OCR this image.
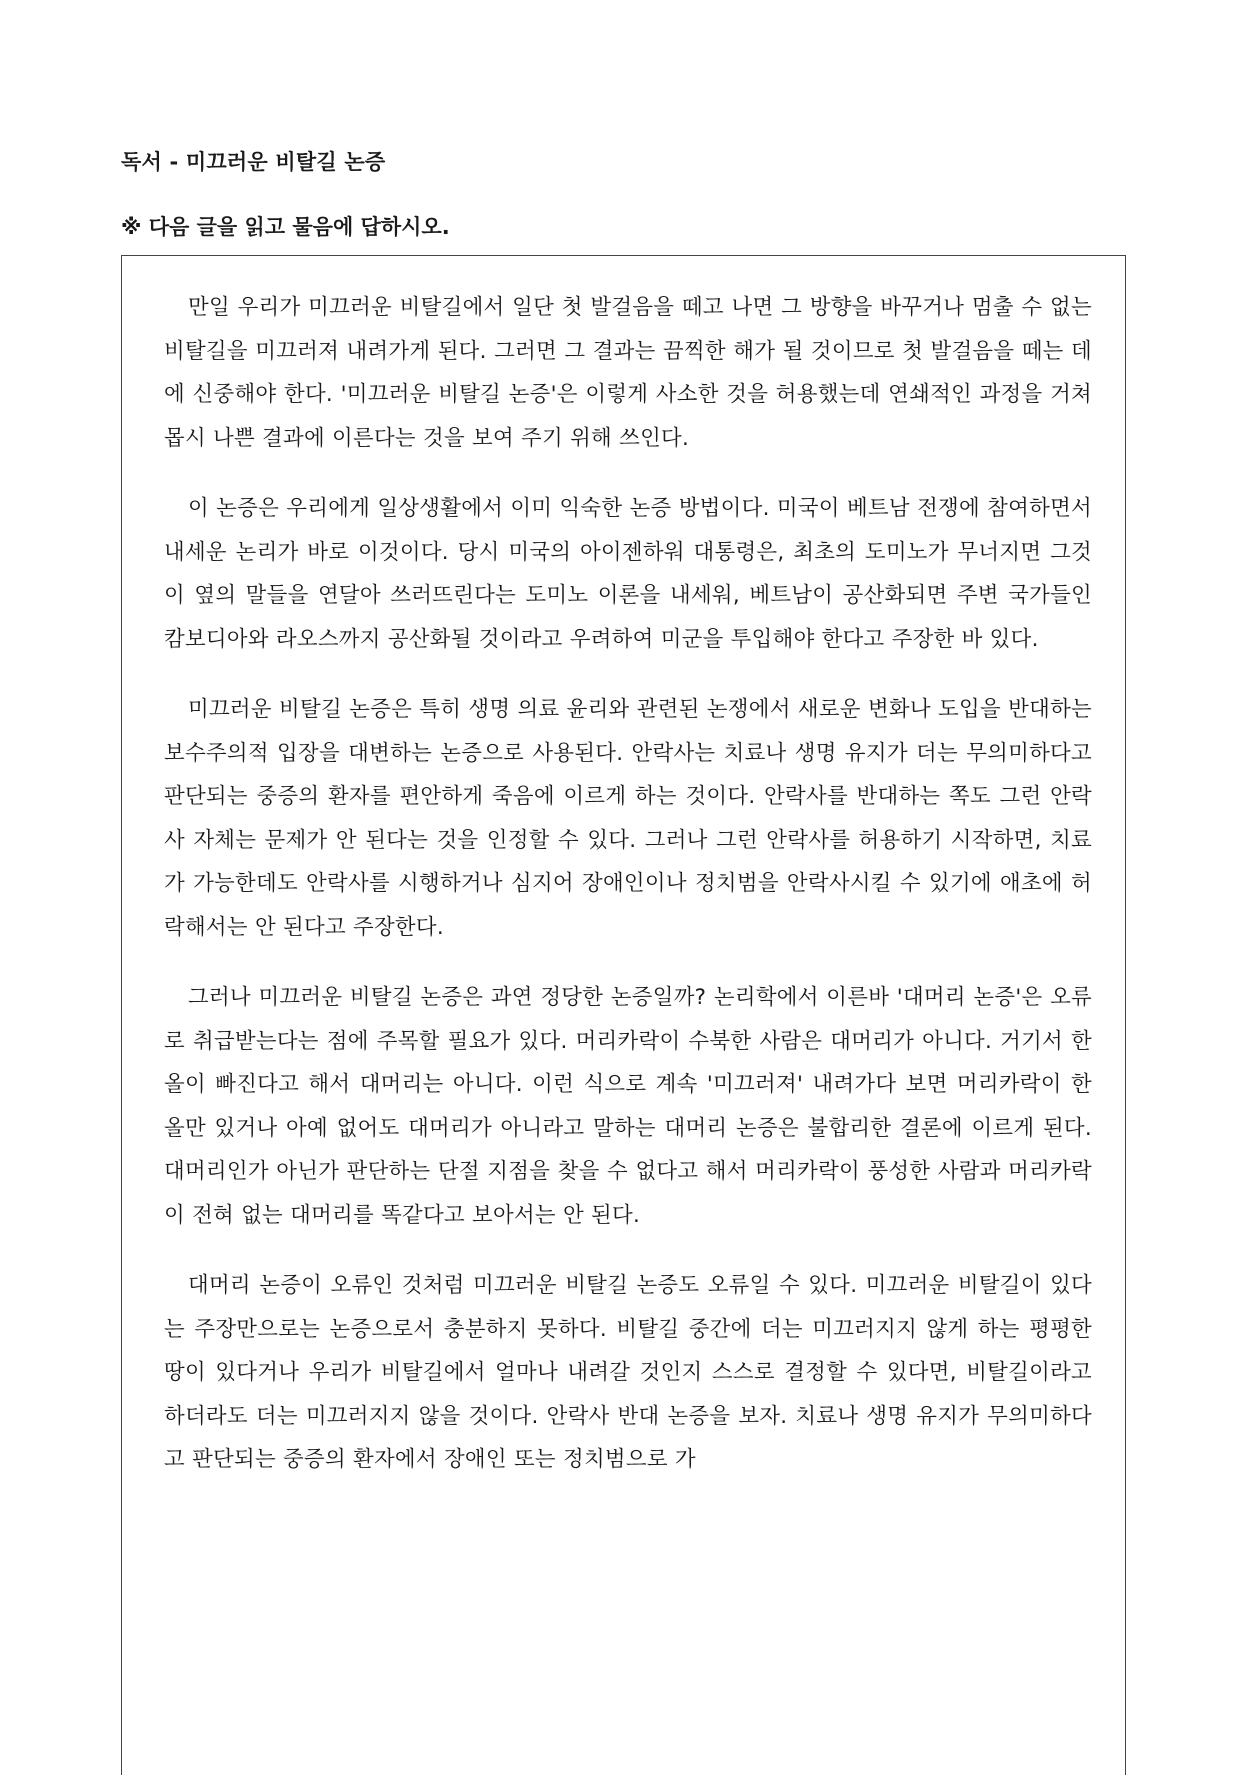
독서 - 미끄러운 비탈길 논증
※ 다음 글을 읽고 물음에 답하시오.

만일 우리가 미끄러운 비탈길에서 일단 첫 발걸음을 떼고 나면 그 방향을 바꾸거나 멈출 수 없는 비탈길을 미끄러져 내려가게 된다. 그러면 그 결과는 끔찍한 해가 될 것이므로 첫 발걸음을 떼는 데에 신중해야 한다. '미끄러운 비탈길 논증'은 이렇게 사소한 것을 허용했는데 연쇄적인 과정을 거쳐 몹시 나쁜 결과에 이른다는 것을 보여 주기 위해 쓰인다.

이 논증은 우리에게 일상생활에서 이미 익숙한 논증 방법이다. 미국이 베트남 전쟁에 참여하면서 내세운 논리가 바로 이것이다. 당시 미국의 아이젠하워 대통령은, 최초의 도미노가 무너지면 그것이 옆의 말들을 연달아 쓰러뜨린다는 도미노 이론을 내세워, 베트남이 공산화되면 주변 국가들인 캄보디아와 라오스까지 공산화될 것이라고 우려하여 미군을 투입해야 한다고 주장한 바 있다.

미끄러운 비탈길 논증은 특히 생명 의료 윤리와 관련된 논쟁에서 새로운 변화나 도입을 반대하는 보수주의적 입장을 대변하는 논증으로 사용된다. 안락사는 치료나 생명 유지가 더는 무의미하다고 판단되는 중증의 환자를 편안하게 죽음에 이르게 하는 것이다. 안락사를 반대하는 쪽도 그런 안락사 자체는 문제가 안 된다는 것을 인정할 수 있다. 그러나 그런 안락사를 허용하기 시작하면, 치료가 가능한데도 안락사를 시행하거나 심지어 장애인이나 정치범을 안락사시킬 수 있기에 애초에 허락해서는 안 된다고 주장한다.

그러나 미끄러운 비탈길 논증은 과연 정당한 논증일까? 논리학에서 이른바 '대머리 논증'은 오류로 취급받는다는 점에 주목할 필요가 있다. 머리카락이 수북한 사람은 대머리가 아니다. 거기서 한 올이 빠진다고 해서 대머리는 아니다. 이런 식으로 계속 '미끄러져' 내려가다 보면 머리카락이 한 올만 있거나 아예 없어도 대머리가 아니라고 말하는 대머리 논증은 불합리한 결론에 이르게 된다. 대머리인가 아닌가 판단하는 단절 지점을 찾을 수 없다고 해서 머리카락이 풍성한 사람과 머리카락이 전혀 없는 대머리를 똑같다고 보아서는 안 된다.

대머리 논증이 오류인 것처럼 미끄러운 비탈길 논증도 오류일 수 있다. 미끄러운 비탈길이 있다는 주장만으로는 논증으로서 충분하지 못하다. 비탈길 중간에 더는 미끄러지지 않게 하는 평평한 땅이 있다거나 우리가 비탈길에서 얼마나 내려갈 것인지 스스로 결정할 수 있다면, 비탈길이라고 하더라도 더는 미끄러지지 않을 것이다. 안락사 반대 논증을 보자. 치료나 생명 유지가 무의미하다고 판단되는 중증의 환자에서 장애인 또는 정치범으로 가
